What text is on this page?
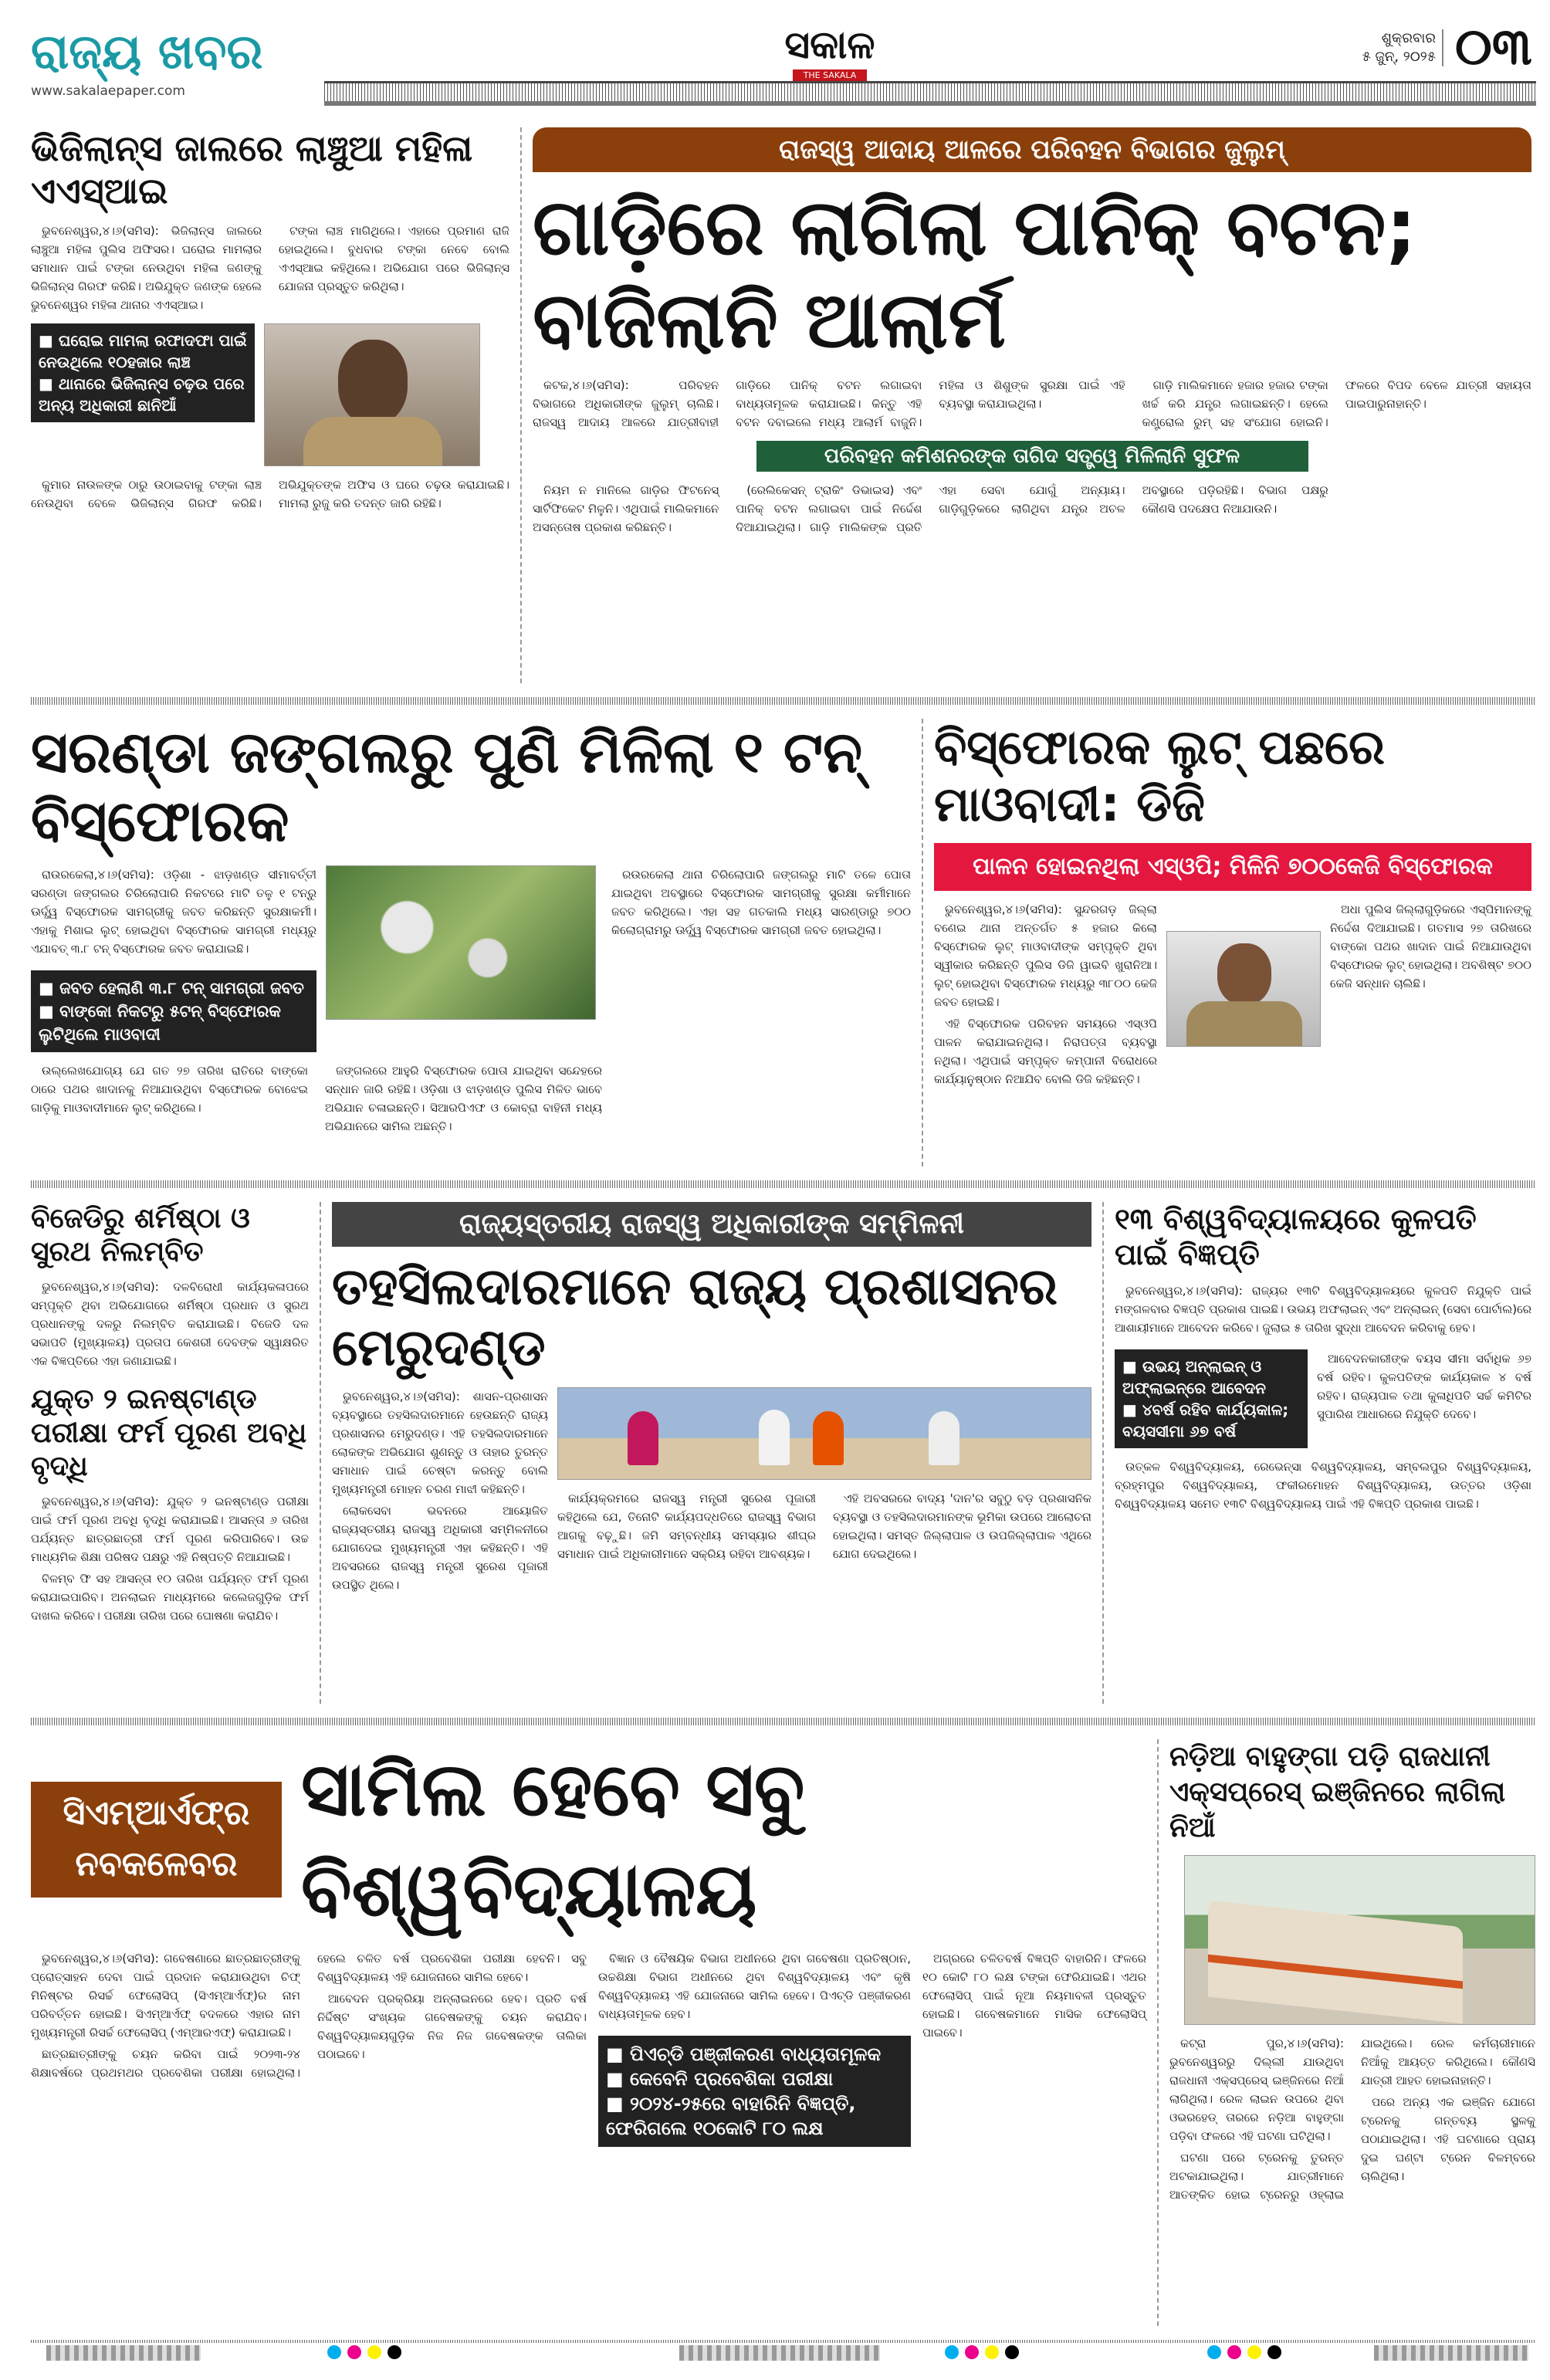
ରାଜ୍ୟ ଖବର
www.sakalaepaper.com
ସକାଳ
THE SAKALA
ଶୁକ୍ରବାର
୫ ଜୁନ୍, ୨୦୨୫ ୦୩
ଭିଜିଲାନ୍ସ ଜାଲରେ ଲାଞ୍ଚୁଆ ମହିଳା ଏଏସ୍ଆଇ

ଭୁବନେଶ୍ୱର,୪।୬(ସମିସ): ଭିଜିଲାନ୍ସ ଜାଲରେ ଲାଞ୍ଚୁଆ ମହିଳା ପୁଲିସ ଅଫିସର। ଘରୋଇ ମାମଲାର ସମାଧାନ ପାଇଁ ଟଙ୍କା ନେଉଥିବା ମହିଳା ଜଣଙ୍କୁ ଭିଜିଲାନ୍ସ ଗିରଫ କରିଛି। ଅଭିଯୁକ୍ତ ଜଣଙ୍କ ହେଲେ ଭୁବନେଶ୍ୱର ମହିଳା ଥାନାର ଏଏସ୍ଆଇ।

ଟଙ୍କା ଲାଞ୍ଚ ମାଗିଥିଲେ। ଏହାରେ ପ୍ରମାଣ ରାଜି ହୋଇଥିଲେ। ବୁଧବାର ଟଙ୍କା ନେବେ ବୋଲି ଏଏସ୍ଆଇ କହିଥିଲେ। ଅଭିଯୋଗ ପରେ ଭିଜିଲାନ୍ସ ଯୋଜନା ପ୍ରସ୍ତୁତ କରିଥିଲା।

■ ଘରୋଇ ମାମଲା ରଫାଦଫା ପାଇଁ ନେଉଥିଲେ ୧୦ହଜାର ଲାଞ୍ଚ
■ ଥାନାରେ ଭିଜିଲାନ୍ସ ଚଢ଼ଉ ପରେ ଅନ୍ୟ ଅଧିକାରୀ ଛାନିଆଁ

କୁମାର ନାଉଳଙ୍କ ଠାରୁ ଉଠାଇବାକୁ ଟଙ୍କା ଲାଞ୍ଚ ନେଉଥିବା ବେଳେ ଭିଜିଲାନ୍ସ ଗିରଫ କରିଛି। ଅଭିଯୁକ୍ତଙ୍କ ଅଫିସ ଓ ଘରେ ଚଢ଼ଉ କରାଯାଇଛି। ମାମଲା ରୁଜୁ କରି ତଦନ୍ତ ଜାରି ରହିଛି।

ରାଜସ୍ୱ ଆଦାୟ ଆଳରେ ପରିବହନ ବିଭାଗର ଜୁଲୁମ୍
ଗାଡ଼ିରେ ଲାଗିଲା ପାନିକ୍ ବଟନ; ବାଜିଲାନି ଆଲାର୍ମ

କଟକ,୪।୬(ସମିସ): ପରିବହନ ବିଭାଗରେ ଅଧିକାରୀଙ୍କ ଜୁଲୁମ୍ ଚାଲିଛି। ରାଜସ୍ୱ ଆଦାୟ ଆଳରେ ଯାତ୍ରୀବାହୀ ଗାଡ଼ିରେ ପାନିକ୍ ବଟନ ଲଗାଇବା ବାଧ୍ୟତାମୂଳକ କରାଯାଇଛି। କିନ୍ତୁ ଏହି ବଟନ ଦବାଇଲେ ମଧ୍ୟ ଆଲାର୍ମ ବାଜୁନି। ମହିଳା ଓ ଶିଶୁଙ୍କ ସୁରକ୍ଷା ପାଇଁ ଏହି ବ୍ୟବସ୍ଥା କରାଯାଇଥିଲା।

ଗାଡ଼ି ମାଲିକମାନେ ହଜାର ହଜାର ଟଙ୍କା ଖର୍ଚ୍ଚ କରି ଯନ୍ତ୍ର ଲଗାଇଛନ୍ତି। ହେଲେ କଣ୍ଟ୍ରୋଲ ରୁମ୍ ସହ ସଂଯୋଗ ହୋଇନି। ଫଳରେ ବିପଦ ବେଳେ ଯାତ୍ରୀ ସହାୟତା ପାଇପାରୁନାହାନ୍ତି।

ପରିବହନ କମିଶନରଙ୍କ ତାଗିଦ ସତ୍ତ୍ୱେ ମିଳିଲାନି ସୁଫଳ

ନିୟମ ନ ମାନିଲେ ଗାଡ଼ିର ଫିଟନେସ୍ ସାର୍ଟିଫିକେଟ ମିଳୁନି। ଏଥିପାଇଁ ମାଲିକମାନେ ଅସନ୍ତୋଷ ପ୍ରକାଶ କରିଛନ୍ତି।

(ରେଲିକେସନ୍ ଟ୍ରାକିଂ ଡିଭାଇସ) ଏବଂ ପାନିକ୍ ବଟନ ଲଗାଇବା ପାଇଁ ନିର୍ଦ୍ଦେଶ ଦିଆଯାଇଥିଲା। ଗାଡ଼ି ମାଲିକଙ୍କ ପ୍ରତି ଏହା ସେବା ଯୋଗୁଁ ଅନ୍ୟାୟ। ଗାଡ଼ିଗୁଡ଼ିକରେ ଲାଗିଥିବା ଯନ୍ତ୍ର ଅଚଳ ଅବସ୍ଥାରେ ପଡ଼ିରହିଛି। ବିଭାଗ ପକ୍ଷରୁ କୌଣସି ପଦକ୍ଷେପ ନିଆଯାଉନି।

ସରଣ୍ଡା ଜଙ୍ଗଲରୁ ପୁଣି ମିଳିଲା ୧ ଟନ୍ ବିସ୍ଫୋରକ

ରାଉରକେଲା,୪।୬(ସମିସ): ଓଡ଼ିଶା - ଝାଡ଼ଖଣ୍ଡ ସୀମାବର୍ତ୍ତୀ ସରଣ୍ଡା ଜଙ୍ଗଲର ଚିରିଲୋପାରି ନିକଟରେ ମାଟି ତଳୁ ୧ ଟନ୍ରୁ ଊର୍ଦ୍ଧ୍ୱ ବିସ୍ଫୋରକ ସାମଗ୍ରୀକୁ ଜବତ କରିଛନ୍ତି ସୁରକ୍ଷାକର୍ମୀ। ଏହାକୁ ମିଶାଇ ଲୁଟ୍ ହୋଇଥିବା ବିସ୍ଫୋରକ ସାମଗ୍ରୀ ମଧ୍ୟରୁ ଏଯାବତ୍ ୩.୮ ଟନ୍ ବିସ୍ଫୋରକ ଜବତ କରାଯାଇଛି।

■ ଜବତ ହେଲାଣି ୩.୮ ଟନ୍ ସାମଗ୍ରୀ ଜବତ
■ ବାଙ୍କୋ ନିକଟରୁ ୫ଟନ୍ ବିସ୍ଫୋରକ ଲୁଟିଥିଲେ ମାଓବାଦୀ

ଉଲ୍ଲେଖଯୋଗ୍ୟ ଯେ ଗତ ୨୭ ତାରିଖ ରାତିରେ ବାଙ୍କୋ ଠାରେ ପଥର ଖାଦାନକୁ ନିଆଯାଉଥିବା ବିସ୍ଫୋରକ ବୋଝେଇ ଗାଡ଼ିକୁ ମାଓବାଦୀମାନେ ଲୁଟ୍ କରିଥିଲେ।

ଜଙ୍ଗଲରେ ଆହୁରି ବିସ୍ଫୋରକ ପୋତା ଯାଇଥିବା ସନ୍ଦେହରେ ସନ୍ଧାନ ଜାରି ରହିଛି। ଓଡ଼ିଶା ଓ ଝାଡ଼ଖଣ୍ଡ ପୁଲିସ ମିଳିତ ଭାବେ ଅଭିଯାନ ଚଳାଇଛନ୍ତି। ସିଆରପିଏଫ ଓ କୋବ୍ରା ବାହିନୀ ମଧ୍ୟ ଅଭିଯାନରେ ସାମିଲ ଅଛନ୍ତି।

ରଉରକେଲା ଥାନା ଚିରିଲୋପାରି ଜଙ୍ଗଲରୁ ମାଟି ତଳେ ପୋତା ଯାଇଥିବା ଅବସ୍ଥାରେ ବିସ୍ଫୋରକ ସାମଗ୍ରୀକୁ ସୁରକ୍ଷା କର୍ମୀମାନେ ଜବତ କରିଥିଲେ। ଏହା ସହ ଗତକାଲି ମଧ୍ୟ ସାରଣ୍ଡାରୁ ୭୦୦ କିଲୋଗ୍ରାମରୁ ଊର୍ଦ୍ଧ୍ୱ ବିସ୍ଫୋରକ ସାମଗ୍ରୀ ଜବତ ହୋଇଥିଲା।

ବିସ୍ଫୋରକ ଲୁଟ୍ ପଛରେ ମାଓବାଦୀ: ଡିଜି
ପାଳନ ହୋଇନଥିଲା ଏସ୍ଓପି; ମିଳିନି ୭୦୦କେଜି ବିସ୍ଫୋରକ

ଭୁବନେଶ୍ୱର,୪।୬(ସମିସ): ସୁନ୍ଦରଗଡ଼ ଜିଲ୍ଲା ବଣେଇ ଥାନା ଅନ୍ତର୍ଗତ ୫ ହଜାର କିଲୋ ବିସ୍ଫୋରକ ଲୁଟ୍ ମାଓବାଦୀଙ୍କ ସମ୍ପୃକ୍ତି ଥିବା ସ୍ୱୀକାର କରିଛନ୍ତି ପୁଲିସ ଡିଜି ୱାଇବି ଖୁରାନିଆ। ଲୁଟ୍ ହୋଇଥିବା ବିସ୍ଫୋରକ ମଧ୍ୟରୁ ୩୮୦୦ କେଜି ଜବତ ହୋଇଛି।

ଏହି ବିସ୍ଫୋରକ ପରିବହନ ସମୟରେ ଏସ୍ଓପି ପାଳନ କରାଯାଇନଥିଲା। ନିରାପତ୍ତା ବ୍ୟବସ୍ଥା ନଥିଲା। ଏଥିପାଇଁ ସମ୍ପୃକ୍ତ କମ୍ପାନୀ ବିରୋଧରେ କାର୍ଯ୍ୟାନୁଷ୍ଠାନ ନିଆଯିବ ବୋଲି ଡିଜି କହିଛନ୍ତି।

ଅଧା ପୁଲିସ ଜିଲ୍ଲାଗୁଡ଼ିକରେ ଏସ୍ପିମାନଙ୍କୁ ନିର୍ଦ୍ଦେଶ ଦିଆଯାଇଛି। ଗତମାସ ୨୭ ତାରିଖରେ ବାଙ୍କୋ ପଥର ଖାଦାନ ପାଇଁ ନିଆଯାଉଥିବା ବିସ୍ଫୋରକ ଲୁଟ୍ ହୋଇଥିଲା। ଅବଶିଷ୍ଟ ୭୦୦ କେଜି ସନ୍ଧାନ ଚାଲିଛି।

ବିଜେଡିରୁ ଶର୍ମିଷ୍ଠା ଓ ସୁରଥ ନିଲମ୍ବିତ

ଭୁବନେଶ୍ୱର,୪।୬(ସମିସ): ଦଳବିରୋଧୀ କାର୍ଯ୍ୟକଳାପରେ ସମ୍ପୃକ୍ତି ଥିବା ଅଭିଯୋଗରେ ଶର୍ମିଷ୍ଠା ପ୍ରଧାନ ଓ ସୁରଥ ପ୍ରଧାନଙ୍କୁ ଦଳରୁ ନିଲମ୍ବିତ କରାଯାଇଛି। ବିଜେଡି ଦଳ ସଭାପତି (ମୁଖ୍ୟାଳୟ) ପ୍ରତାପ କେଶରୀ ଦେବଙ୍କ ସ୍ୱାକ୍ଷରିତ ଏକ ବିଜ୍ଞପ୍ତିରେ ଏହା ଜଣାଯାଇଛି।

ଯୁକ୍ତ ୨ ଇନଷ୍ଟାଣ୍ଡ ପରୀକ୍ଷା ଫର୍ମ ପୂରଣ ଅବଧି ବୃଦ୍ଧି

ଭୁବନେଶ୍ୱର,୪।୬(ସମିସ): ଯୁକ୍ତ ୨ ଇନଷ୍ଟାଣ୍ଡ ପରୀକ୍ଷା ପାଇଁ ଫର୍ମ ପୂରଣ ଅବଧି ବୃଦ୍ଧି କରାଯାଇଛି। ଆସନ୍ତା ୬ ତାରିଖ ପର୍ଯ୍ୟନ୍ତ ଛାତ୍ରଛାତ୍ରୀ ଫର୍ମ ପୂରଣ କରିପାରିବେ। ଉଚ୍ଚ ମାଧ୍ୟମିକ ଶିକ୍ଷା ପରିଷଦ ପକ୍ଷରୁ ଏହି ନିଷ୍ପତ୍ତି ନିଆଯାଇଛି।

ବିଳମ୍ବ ଫି ସହ ଆସନ୍ତା ୧୦ ତାରିଖ ପର୍ଯ୍ୟନ୍ତ ଫର୍ମ ପୂରଣ କରାଯାଇପାରିବ। ଅନଲାଇନ ମାଧ୍ୟମରେ କଲେଜଗୁଡ଼ିକ ଫର୍ମ ଦାଖଲ କରିବେ। ପରୀକ୍ଷା ତାରିଖ ପରେ ଘୋଷଣା କରାଯିବ।

ରାଜ୍ୟସ୍ତରୀୟ ରାଜସ୍ୱ ଅଧିକାରୀଙ୍କ ସମ୍ମିଳନୀ
ତହସିଲଦାରମାନେ ରାଜ୍ୟ ପ୍ରଶାସନର ମେରୁଦଣ୍ଡ

ଭୁବନେଶ୍ୱର,୪।୬(ସମିସ): ଶାସନ-ପ୍ରଶାସନ ବ୍ୟବସ୍ଥାରେ ତହସିଲଦାରମାନେ ହେଉଛନ୍ତି ରାଜ୍ୟ ପ୍ରଶାସନର ମେରୁଦଣ୍ଡ। ଏହି ତହସିଲଦାରମାନେ ଲୋକଙ୍କ ଅଭିଯୋଗ ଶୁଣନ୍ତୁ ଓ ତାହାର ତୁରନ୍ତ ସମାଧାନ ପାଇଁ ଚେଷ୍ଟା କରନ୍ତୁ ବୋଲି ମୁଖ୍ୟମନ୍ତ୍ରୀ ମୋହନ ଚରଣ ମାଝୀ କହିଛନ୍ତି।

ଲୋକସେବା ଭବନରେ ଆୟୋଜିତ ରାଜ୍ୟସ୍ତରୀୟ ରାଜସ୍ୱ ଅଧିକାରୀ ସମ୍ମିଳନୀରେ ଯୋଗଦେଇ ମୁଖ୍ୟମନ୍ତ୍ରୀ ଏହା କହିଛନ୍ତି। ଏହି ଅବସରରେ ରାଜସ୍ୱ ମନ୍ତ୍ରୀ ସୁରେଶ ପୂଜାରୀ ଉପସ୍ଥିତ ଥିଲେ।

କାର୍ଯ୍ୟକ୍ରମରେ ରାଜସ୍ୱ ମନ୍ତ୍ରୀ ସୁରେଶ ପୂଜାରୀ କହିଥିଲେ ଯେ, ତିନୋଟି କାର୍ଯ୍ୟପଦ୍ଧତିରେ ରାଜସ୍ୱ ବିଭାଗ ଆଗକୁ ବଢ଼ୁଛି। ଜମି ସମ୍ବନ୍ଧୀୟ ସମସ୍ୟାର ଶୀଘ୍ର ସମାଧାନ ପାଇଁ ଅଧିକାରୀମାନେ ସକ୍ରିୟ ରହିବା ଆବଶ୍ୟକ।

ଏହି ଅବସରରେ ବାଦ୍ୟ 'ଦାନ'ର ସବୁଠୁ ବଡ଼ ପ୍ରଶାସନିକ ବ୍ୟବସ୍ଥା ଓ ତହସିଲଦାରମାନଙ୍କ ଭୂମିକା ଉପରେ ଆଲୋଚନା ହୋଇଥିଲା। ସମସ୍ତ ଜିଲ୍ଲାପାଳ ଓ ଉପଜିଲ୍ଲାପାଳ ଏଥିରେ ଯୋଗ ଦେଇଥିଲେ।

୧୩ ବିଶ୍ୱବିଦ୍ୟାଳୟରେ କୁଳପତି ପାଇଁ ବିଜ୍ଞପ୍ତି

ଭୁବନେଶ୍ୱର,୪।୬(ସମିସ): ରାଜ୍ୟର ୧୩ଟି ବିଶ୍ୱବିଦ୍ୟାଳୟରେ କୁଳପତି ନିଯୁକ୍ତି ପାଇଁ ମଙ୍ଗଳବାର ବିଜ୍ଞପ୍ତି ପ୍ରକାଶ ପାଇଛି। ଉଭୟ ଅଫଲାଇନ୍ ଏବଂ ଅନ୍‌ଲାଇନ୍ (ସେବା ପୋର୍ଟାଲ)ରେ ଆଶାୟୀମାନେ ଆବେଦନ କରିବେ। ଜୁଲାଇ ୫ ତାରିଖ ସୁଦ୍ଧା ଆବେଦନ କରିବାକୁ ହେବ।

■ ଉଭୟ ଅନ୍‌ଲାଇନ୍ ଓ ଅଫ୍‌ଲାଇନ୍‌ରେ ଆବେଦନ
■ ୪ବର୍ଷ ରହିବ କାର୍ଯ୍ୟକାଳ; ବୟସସୀମା ୬୭ ବର୍ଷ

ଆବେଦନକାରୀଙ୍କ ବୟସ ସୀମା ସର୍ବାଧିକ ୬୭ ବର୍ଷ ରହିବ। କୁଳପତିଙ୍କ କାର୍ଯ୍ୟକାଳ ୪ ବର୍ଷ ରହିବ। ରାଜ୍ୟପାଳ ତଥା କୁଳାଧିପତି ସର୍ଚ୍ଚ କମିଟିର ସୁପାରିଶ ଆଧାରରେ ନିଯୁକ୍ତି ଦେବେ।

ଉତ୍କଳ ବିଶ୍ୱବିଦ୍ୟାଳୟ, ରେଭେନ୍ସା ବିଶ୍ୱବିଦ୍ୟାଳୟ, ସମ୍ବଲପୁର ବିଶ୍ୱବିଦ୍ୟାଳୟ, ବ୍ରହ୍ମପୁର ବିଶ୍ୱବିଦ୍ୟାଳୟ, ଫକୀରମୋହନ ବିଶ୍ୱବିଦ୍ୟାଳୟ, ଉତ୍ତର ଓଡ଼ିଶା ବିଶ୍ୱବିଦ୍ୟାଳୟ ସମେତ ୧୩ଟି ବିଶ୍ୱବିଦ୍ୟାଳୟ ପାଇଁ ଏହି ବିଜ୍ଞପ୍ତି ପ୍ରକାଶ ପାଇଛି।

ସିଏମ୍ଆର୍ଏଫ୍‌ର ନବକଳେବର
ସାମିଲ ହେବେ ସବୁ ବିଶ୍ୱବିଦ୍ୟାଳୟ

ଭୁବନେଶ୍ୱର,୪।୬(ସମିସ): ଗବେଷଣାରେ ଛାତ୍ରଛାତ୍ରୀଙ୍କୁ ପ୍ରୋତ୍ସାହନ ଦେବା ପାଇଁ ପ୍ରଦାନ କରାଯାଉଥିବା ଚିଫ୍ ମିନିଷ୍ଟର ରିସର୍ଚ୍ଚ ଫେଲୋସିପ୍ (ସିଏମ୍ଆର୍ଏଫ୍)ର ନାମ ପରିବର୍ତ୍ତନ ହୋଇଛି। ସିଏମ୍ଆର୍ଏଫ୍ ବଦଳରେ ଏହାର ନାମ ମୁଖ୍ୟମନ୍ତ୍ରୀ ରିସର୍ଚ୍ଚ ଫେଲୋସିପ୍ (ଏମ୍ଆରଏଫ୍) କରାଯାଇଛି।

ଛାତ୍ରଛାତ୍ରୀଙ୍କୁ ଚୟନ କରିବା ପାଇଁ ୨୦୨୩-୨୪ ଶିକ୍ଷାବର୍ଷରେ ପ୍ରଥମଥର ପ୍ରବେଶିକା ପରୀକ୍ଷା ହୋଇଥିଲା। ହେଲେ ଚଳିତ ବର୍ଷ ପ୍ରବେଶିକା ପରୀକ୍ଷା ହେବନି। ସବୁ ବିଶ୍ୱବିଦ୍ୟାଳୟ ଏହି ଯୋଜନାରେ ସାମିଲ ହେବେ।

ଆବେଦନ ପ୍ରକ୍ରିୟା ଅନ୍‌ଲାଇନରେ ହେବ। ପ୍ରତି ବର୍ଷ ନିର୍ଦ୍ଦିଷ୍ଟ ସଂଖ୍ୟକ ଗବେଷକଙ୍କୁ ଚୟନ କରାଯିବ। ବିଶ୍ୱବିଦ୍ୟାଳୟଗୁଡ଼ିକ ନିଜ ନିଜ ଗବେଷକଙ୍କ ତାଲିକା ପଠାଇବେ।

ବିଜ୍ଞାନ ଓ ବୈଷୟିକ ବିଭାଗ ଅଧୀନରେ ଥିବା ଗବେଷଣା ପ୍ରତିଷ୍ଠାନ, ଉଚ୍ଚଶିକ୍ଷା ବିଭାଗ ଅଧୀନରେ ଥିବା ବିଶ୍ୱବିଦ୍ୟାଳୟ ଏବଂ କୃଷି ବିଶ୍ୱବିଦ୍ୟାଳୟ ଏହି ଯୋଜନାରେ ସାମିଲ ହେବେ। ପିଏଚ୍‌ଡି ପଞ୍ଜୀକରଣ ବାଧ୍ୟତାମୂଳକ ହେବ।

■ ପିଏଚ୍‌ଡି ପଞ୍ଜୀକରଣ ବାଧ୍ୟତାମୂଳକ
■ କେବେନି ପ୍ରବେଶିକା ପରୀକ୍ଷା
■ ୨୦୨୪-୨୫ରେ ବାହାରିନି ବିଜ୍ଞପ୍ତି, ଫେରିଗଲେ ୧୦କୋଟି ୮୦ ଲକ୍ଷ

ଅଗ୍ରରେ ଚଳିତବର୍ଷ ବିଜ୍ଞପ୍ତି ବାହାରିନି। ଫଳରେ ୧୦ କୋଟି ୮୦ ଲକ୍ଷ ଟଙ୍କା ଫେରିଯାଇଛି। ଏଥର ଫେଲୋସିପ୍ ପାଇଁ ନୂଆ ନିୟମାବଳୀ ପ୍ରସ୍ତୁତ ହୋଇଛି। ଗବେଷକମାନେ ମାସିକ ଫେଲୋସିପ୍ ପାଇବେ।

ନଡ଼ିଆ ବାହୁଙ୍ଗା ପଡ଼ି ରାଜଧାନୀ ଏକ୍ସପ୍ରେସ୍ ଇଞ୍ଜିନରେ ଲାଗିଲା ନିଆଁ

କଟ୍ରା ପୁର,୪।୬(ସମିସ): ଭୁବନେଶ୍ୱରରୁ ଦିଲ୍ଲୀ ଯାଉଥିବା ରାଜଧାନୀ ଏକ୍ସପ୍ରେସ୍ ଇଞ୍ଜିନରେ ନିଆଁ ଲାଗିଥିଲା। ରେଳ ଲାଇନ ଉପରେ ଥିବା ଓଭରହେଡ୍ ତାରରେ ନଡ଼ିଆ ବାହୁଙ୍ଗା ପଡ଼ିବା ଫଳରେ ଏହି ଘଟଣା ଘଟିଥିଲା।

ଘଟଣା ପରେ ଟ୍ରେନକୁ ତୁରନ୍ତ ଅଟକାଯାଇଥିଲା। ଯାତ୍ରୀମାନେ ଆତଙ୍କିତ ହୋଇ ଟ୍ରେନରୁ ଓହ୍ଲାଇ ଯାଇଥିଲେ। ରେଳ କର୍ମଚାରୀମାନେ ନିଆଁକୁ ଆୟତ୍ତ କରିଥିଲେ। କୌଣସି ଯାତ୍ରୀ ଆହତ ହୋଇନାହାନ୍ତି।

ପରେ ଅନ୍ୟ ଏକ ଇଞ୍ଜିନ ଯୋଗେ ଟ୍ରେନକୁ ଗନ୍ତବ୍ୟ ସ୍ଥଳକୁ ପଠାଯାଇଥିଲା। ଏହି ଘଟଣାରେ ପ୍ରାୟ ଦୁଇ ଘଣ୍ଟା ଟ୍ରେନ ବିଳମ୍ବରେ ଚାଲିଥିଲା।
